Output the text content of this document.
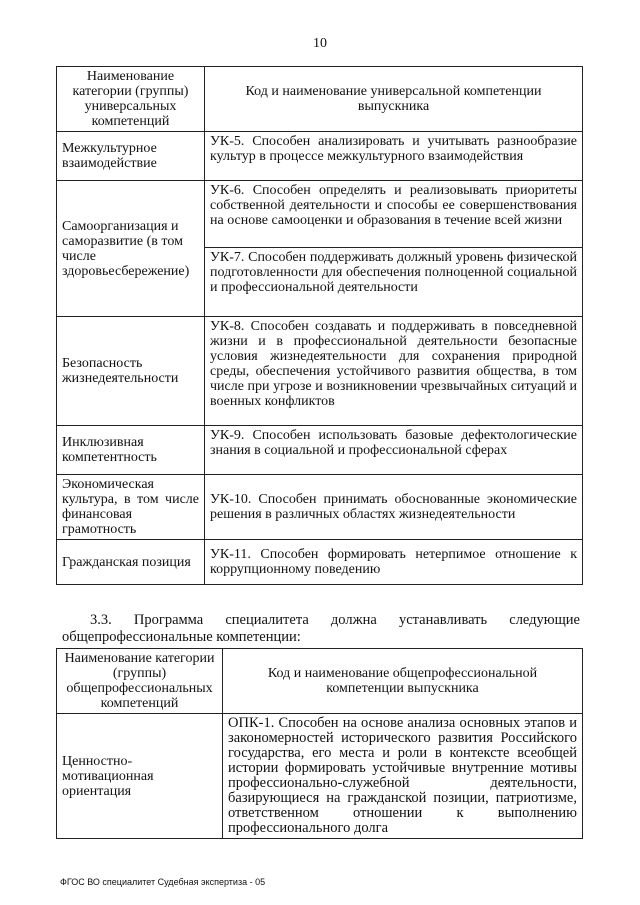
10
Наименование категории (группы) универсальных компетенций	Код и наименование универсальной компетенции выпускника
Межкультурное взаимодействие	УК-5. Способен анализировать и учитывать разнообразие культур в процессе межкультурного взаимодействия
Самоорганизация и саморазвитие (в том числе здоровьесбережение)	УК-6. Способен определять и реализовывать приоритеты собственной деятельности и способы ее совершенствования на основе самооценки и образования в течение всей жизни
	УК-7. Способен поддерживать должный уровень физической подготовленности для обеспечения полноценной социальной и профессиональной деятельности
Безопасность жизнедеятельности	УК-8. Способен создавать и поддерживать в повседневной жизни и в профессиональной деятельности безопасные условия жизнедеятельности для сохранения природной среды, обеспечения устойчивого развития общества, в том числе при угрозе и возникновении чрезвычайных ситуаций и военных конфликтов
Инклюзивная компетентность	УК-9. Способен использовать базовые дефектологические знания в социальной и профессиональной сферах
Экономическая культура, в том числе финансовая грамотность	УК-10. Способен принимать обоснованные экономические решения в различных областях жизнедеятельности
Гражданская позиция	УК-11. Способен формировать нетерпимое отношение к коррупционному поведению
3.3. Программа специалитета должна устанавливать следующие
общепрофессиональные компетенции:
Наименование категории (группы) общепрофессиональных компетенций	Код и наименование общепрофессиональной компетенции выпускника
Ценностно-мотивационная ориентация	ОПК-1. Способен на основе анализа основных этапов и закономерностей исторического развития Российского государства, его места и роли в контексте всеобщей истории формировать устойчивые внутренние мотивы профессионально-служебной деятельности, базирующиеся на гражданской позиции, патриотизме, ответственном отношении к выполнению профессионального долга
ФГОС ВО специалитет Судебная экспертиза - 05
